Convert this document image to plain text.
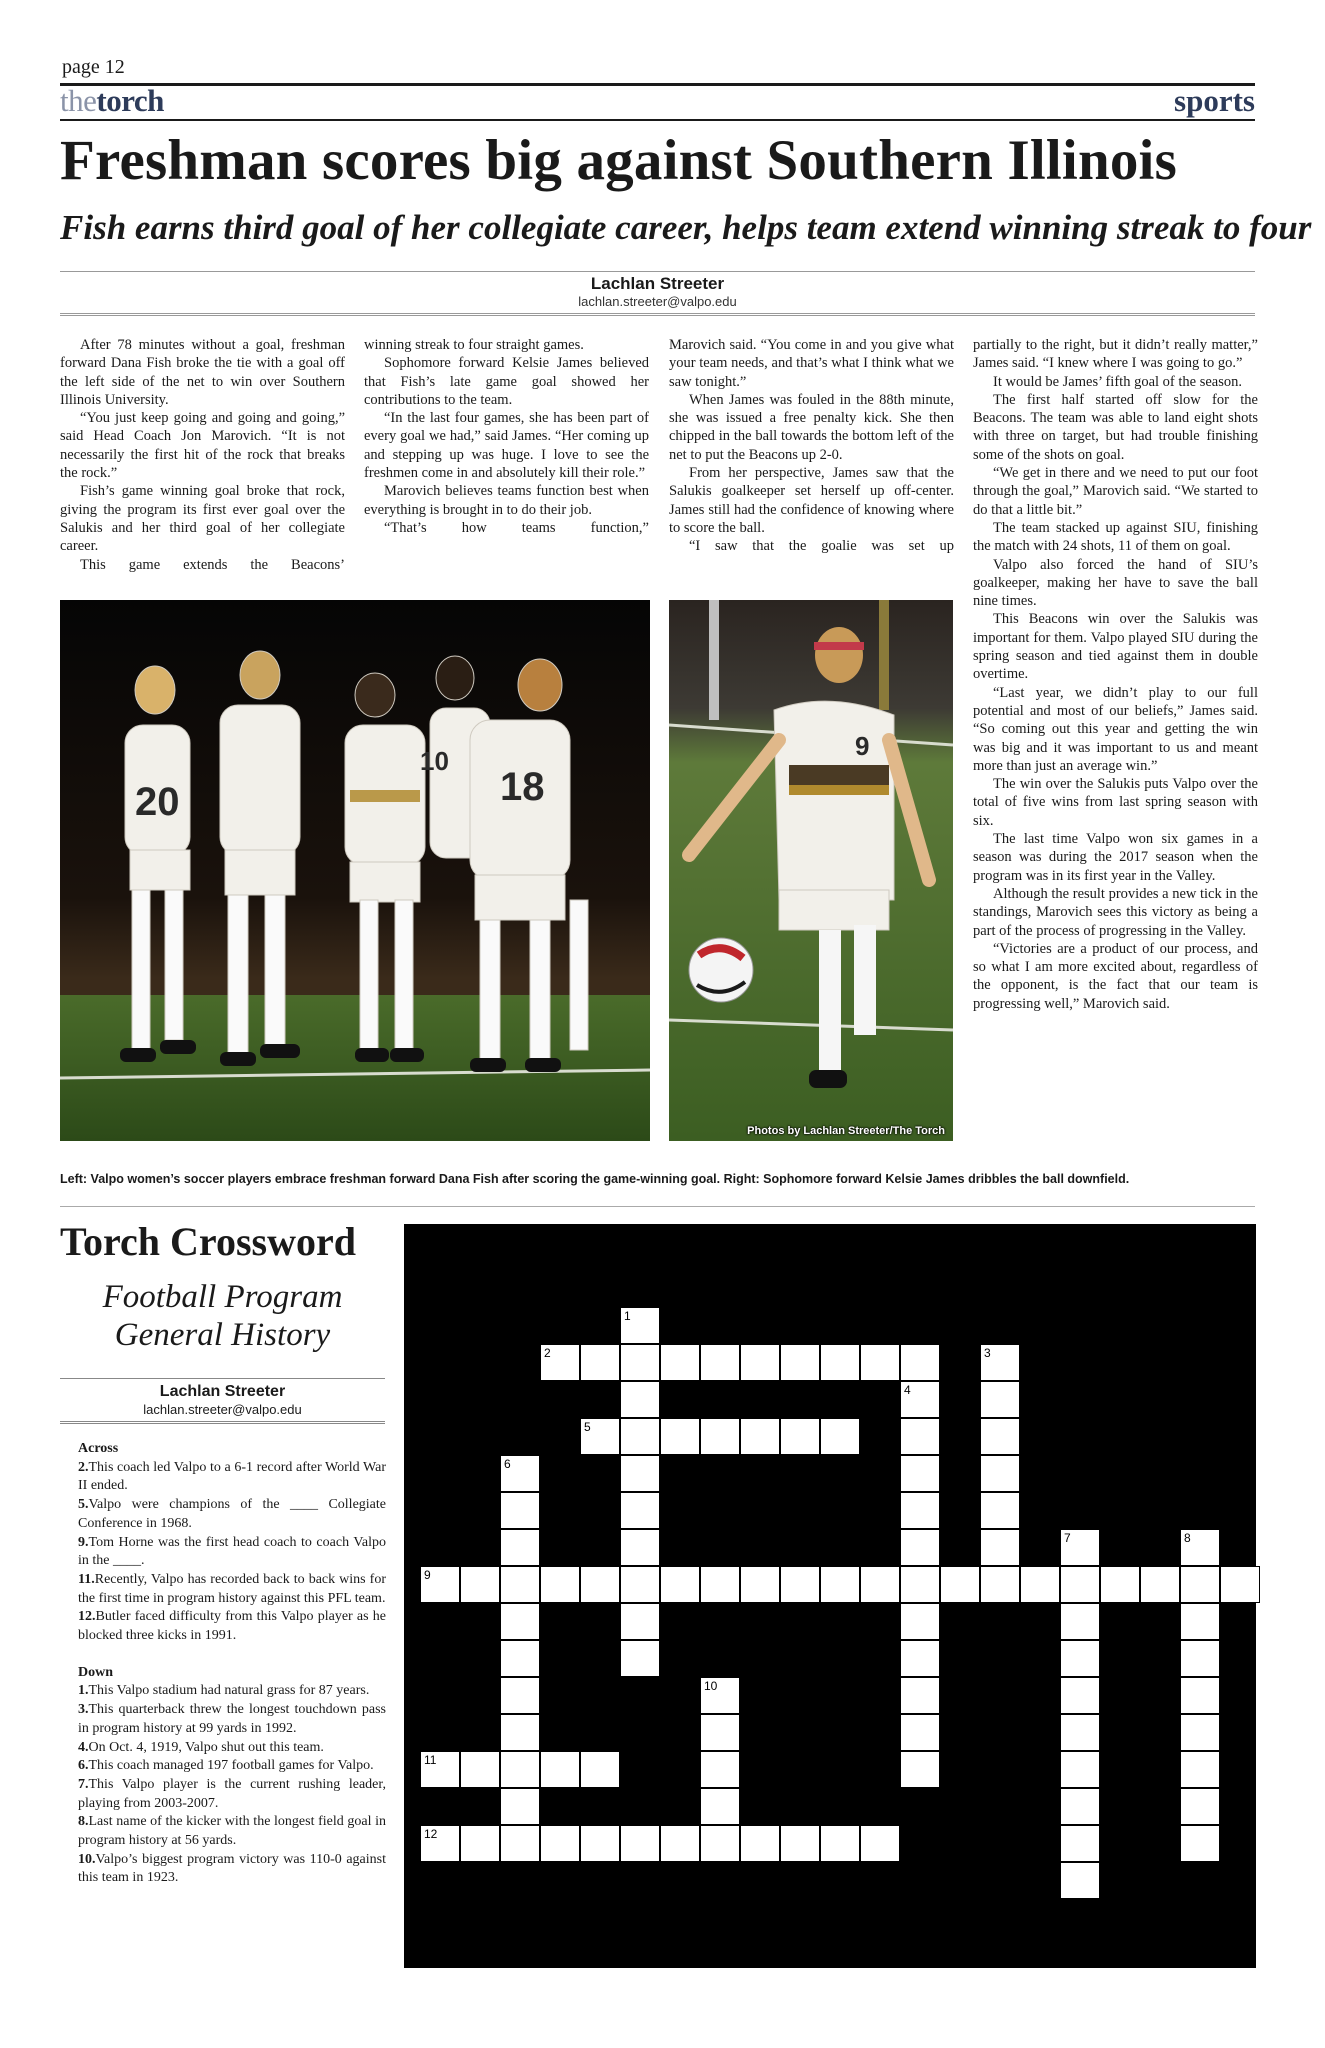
page 12
thetorch	sports
Freshman scores big against Southern Illinois
Fish earns third goal of her collegiate career, helps team extend winning streak to four
Lachlan Streeter
lachlan.streeter@valpo.edu

After 78 minutes without a goal, freshman forward Dana Fish broke the tie with a goal off the left side of the net to win over Southern Illinois University.

“You just keep going and going and going,” said Head Coach Jon Marovich. “It is not necessarily the first hit of the rock that breaks the rock.”

Fish’s game winning goal broke that rock, giving the program its first ever goal over the Salukis and her third goal of her collegiate career.

This game extends the Beacons’

winning streak to four straight games.

Sophomore forward Kelsie James believed that Fish’s late game goal showed her contributions to the team.

“In the last four games, she has been part of every goal we had,” said James. “Her coming up and stepping up was huge. I love to see the freshmen come in and absolutely kill their role.”

Marovich believes teams function best when everything is brought in to do their job.

“That’s how teams function,”

Marovich said. “You come in and you give what your team needs, and that’s what I think what we saw tonight.”

When James was fouled in the 88th minute, she was issued a free penalty kick. She then chipped in the ball towards the bottom left of the net to put the Beacons up 2-0.

From her perspective, James saw that the Salukis goalkeeper set herself up off-center. James still had the confidence of knowing where to score the ball.

“I saw that the goalie was set up

partially to the right, but it didn’t really matter,” James said. “I knew where I was going to go.”

It would be James’ fifth goal of the season.

The first half started off slow for the Beacons. The team was able to land eight shots with three on target, but had trouble finishing some of the shots on goal.

“We get in there and we need to put our foot through the goal,” Marovich said. “We started to do that a little bit.”

The team stacked up against SIU, finishing the match with 24 shots, 11 of them on goal.

Valpo also forced the hand of SIU’s goalkeeper, making her have to save the ball nine times.

This Beacons win over the Salukis was important for them. Valpo played SIU during the spring season and tied against them in double overtime.

“Last year, we didn’t play to our full potential and most of our beliefs,” James said. “So coming out this year and getting the win was big and it was important to us and meant more than just an average win.”

The win over the Salukis puts Valpo over the total of five wins from last spring season with six.

The last time Valpo won six games in a season was during the 2017 season when the program was in its first year in the Valley.

Although the result provides a new tick in the standings, Marovich sees this victory as being a part of the process of progressing in the Valley.

“Victories are a product of our process, and so what I am more excited about, regardless of the opponent, is the fact that our team is progressing well,” Marovich said.

20
10
18
9
Photos by Lachlan Streeter/The Torch
Left: Valpo women’s soccer players embrace freshman forward Dana Fish after scoring the game-winning goal. Right: Sophomore forward Kelsie James dribbles the ball downfield.
Torch Crossword
Football Program
General History
Lachlan Streeter
lachlan.streeter@valpo.edu
Across
2.This coach led Valpo to a 6-1 record after World War II ended.
5.Valpo were champions of the ____ Collegiate Conference in 1968.
9.Tom Horne was the first head coach to coach Valpo in the ____.
11.Recently, Valpo has recorded back to back wins for the first time in program history against this PFL team.
12.Butler faced difficulty from this Valpo player as he blocked three kicks in 1991.
Down
1.This Valpo stadium had natural grass for 87 years.
3.This quarterback threw the longest touchdown pass in program history at 99 yards in 1992.
4.On Oct. 4, 1919, Valpo shut out this team.
6.This coach managed 197 football games for Valpo.
7.This Valpo player is the current rushing leader, playing from 2003-2007.
8.Last name of the kicker with the longest field goal in program history at 56 yards.
10.Valpo’s biggest program victory was 110-0 against this team in 1923.
2
5
9
11
12
1
3
4
6
7	8
10
